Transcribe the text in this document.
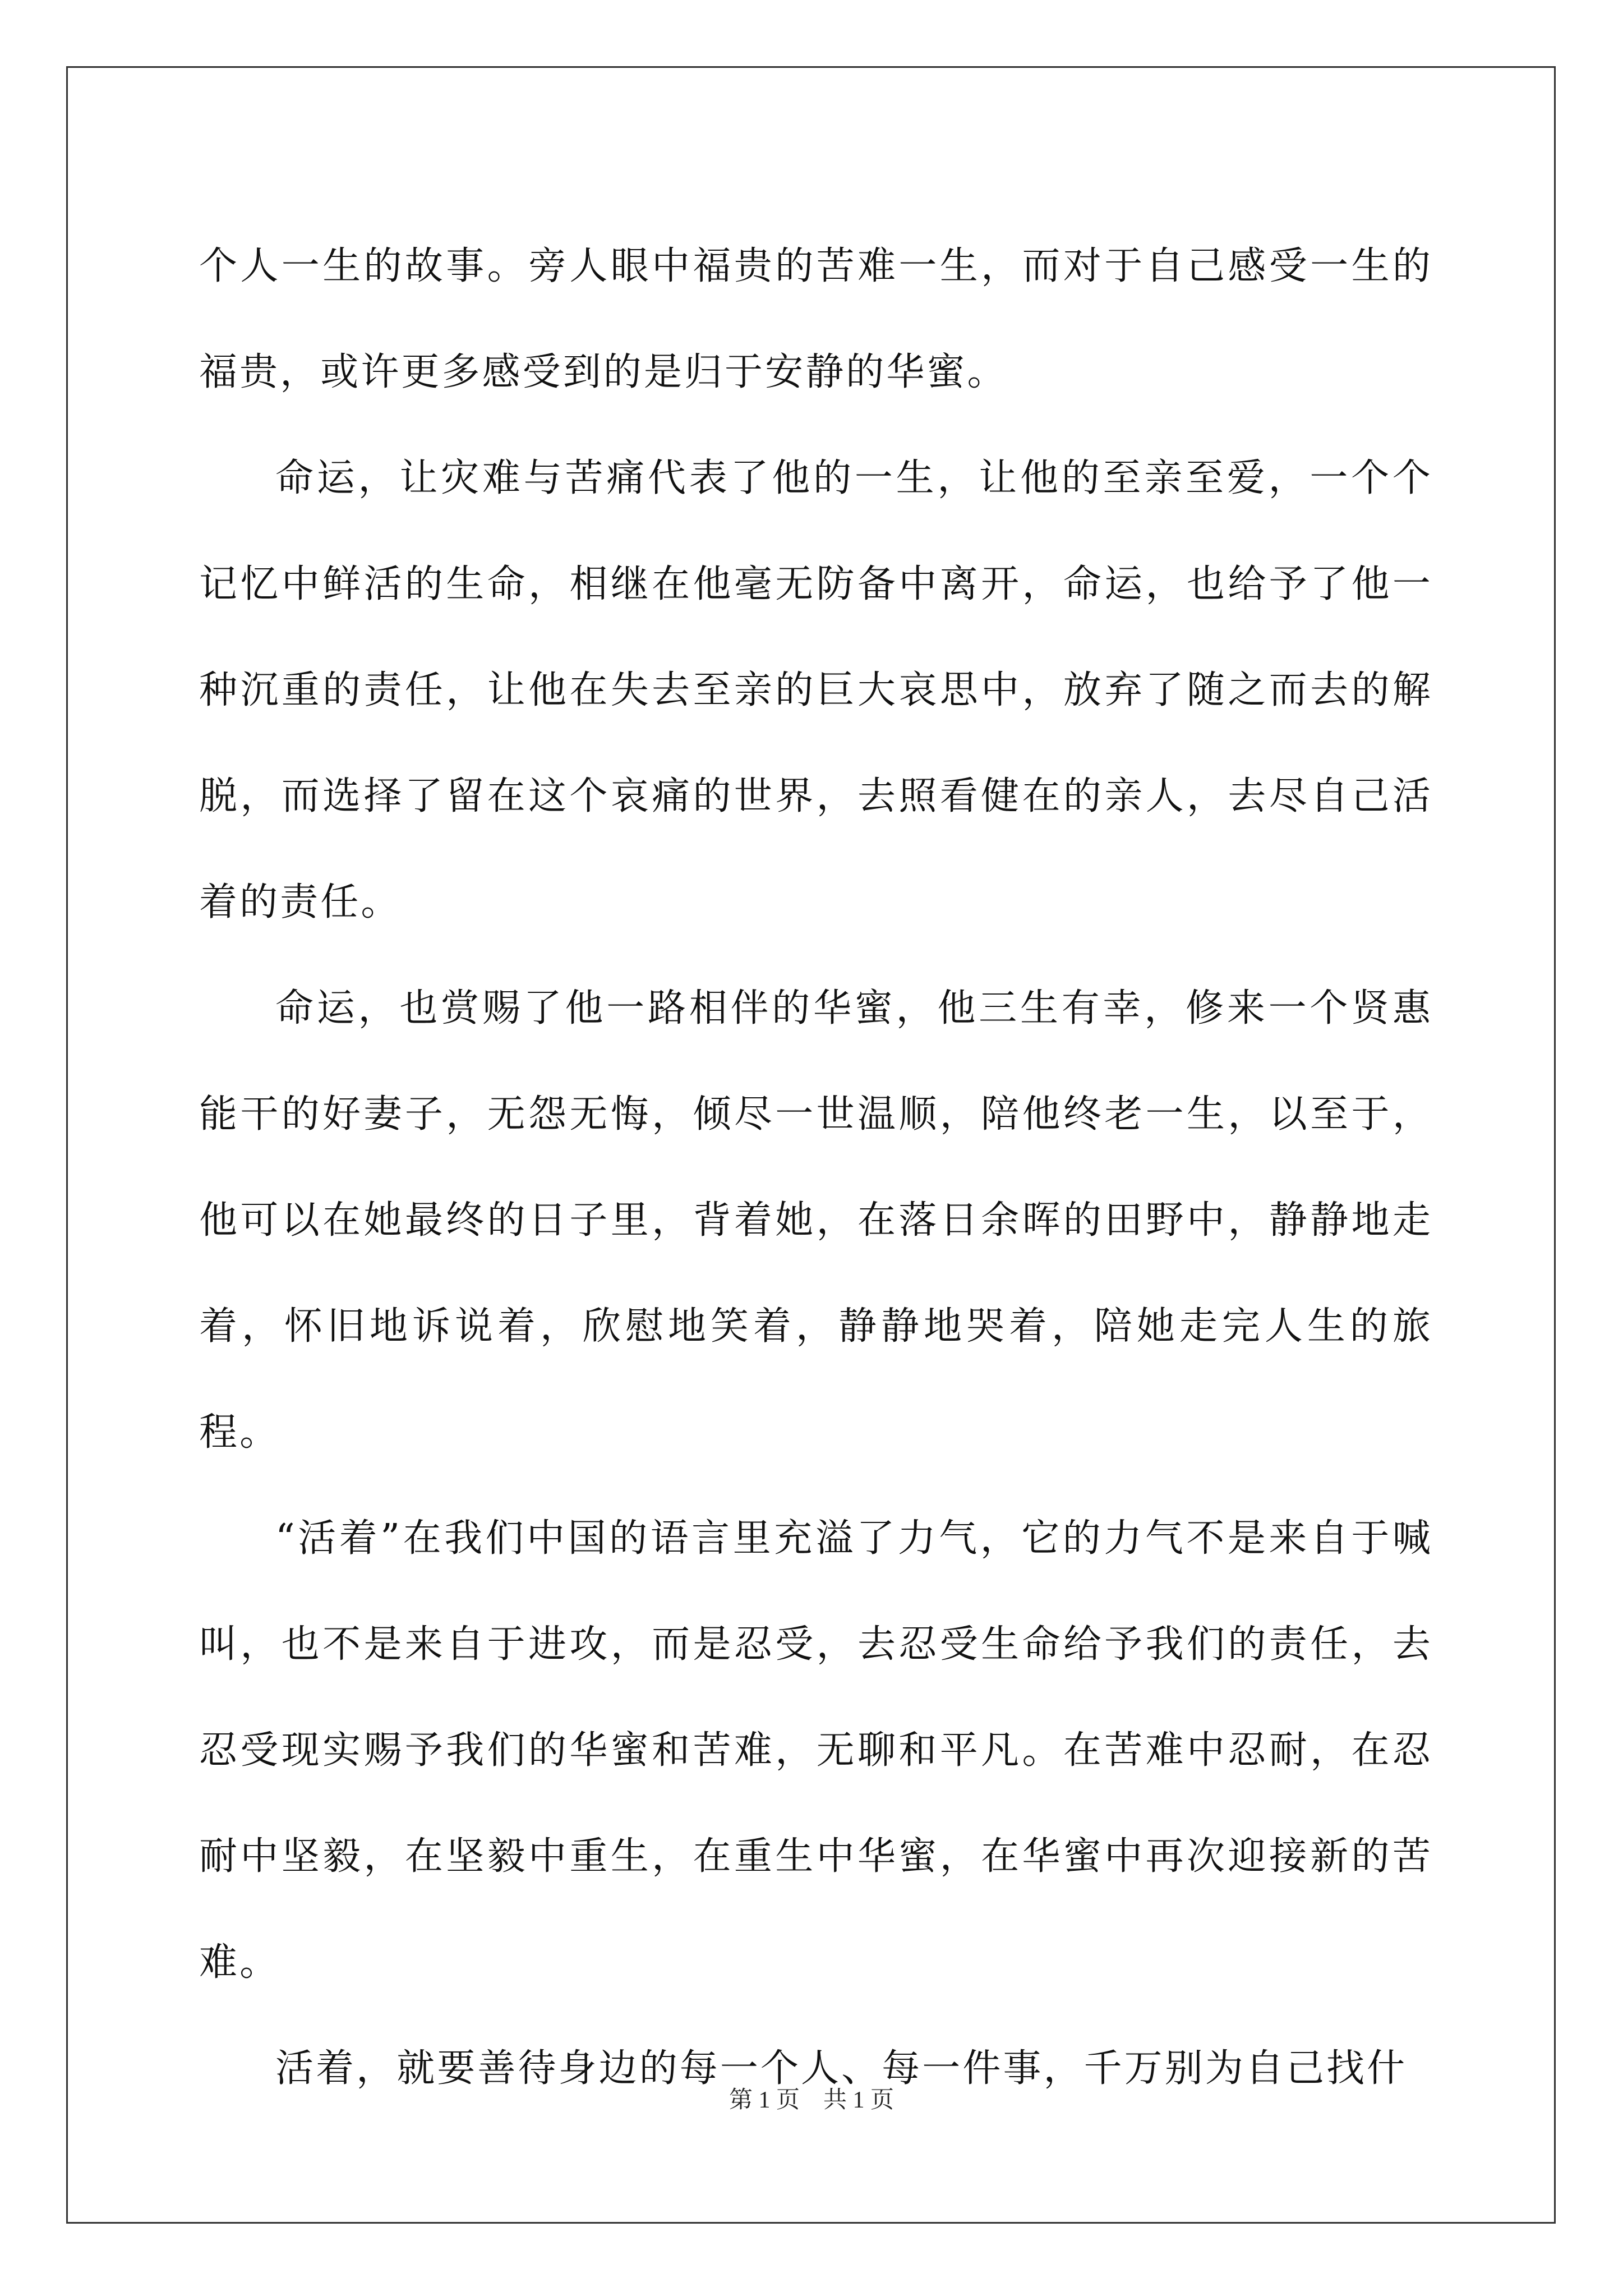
个人一生的故事。旁人眼中福贵的苦难一生，而对于自己感受一生的福贵，或许更多感受到的是归于安静的华蜜。

命运，让灾难与苦痛代表了他的一生，让他的至亲至爱，一个个记忆中鲜活的生命，相继在他毫无防备中离开，命运，也给予了他一种沉重的责任，让他在失去至亲的巨大哀思中，放弃了随之而去的解脱，而选择了留在这个哀痛的世界，去照看健在的亲人，去尽自己活着的责任。

命运，也赏赐了他一路相伴的华蜜，他三生有幸，修来一个贤惠能干的好妻子，无怨无悔，倾尽一世温顺，陪他终老一生，以至于，他可以在她最终的日子里，背着她，在落日余晖的田野中，静静地走着，怀旧地诉说着，欣慰地笑着，静静地哭着，陪她走完人生的旅程。

“活着”在我们中国的语言里充溢了力气，它的力气不是来自于喊叫，也不是来自于进攻，而是忍受，去忍受生命给予我们的责任，去忍受现实赐予我们的华蜜和苦难，无聊和平凡。在苦难中忍耐，在忍耐中坚毅，在坚毅中重生，在重生中华蜜，在华蜜中再次迎接新的苦难。

活着，就要善待身边的每一个人、每一件事，千万别为自己找什

第 1 页 共 1 页
